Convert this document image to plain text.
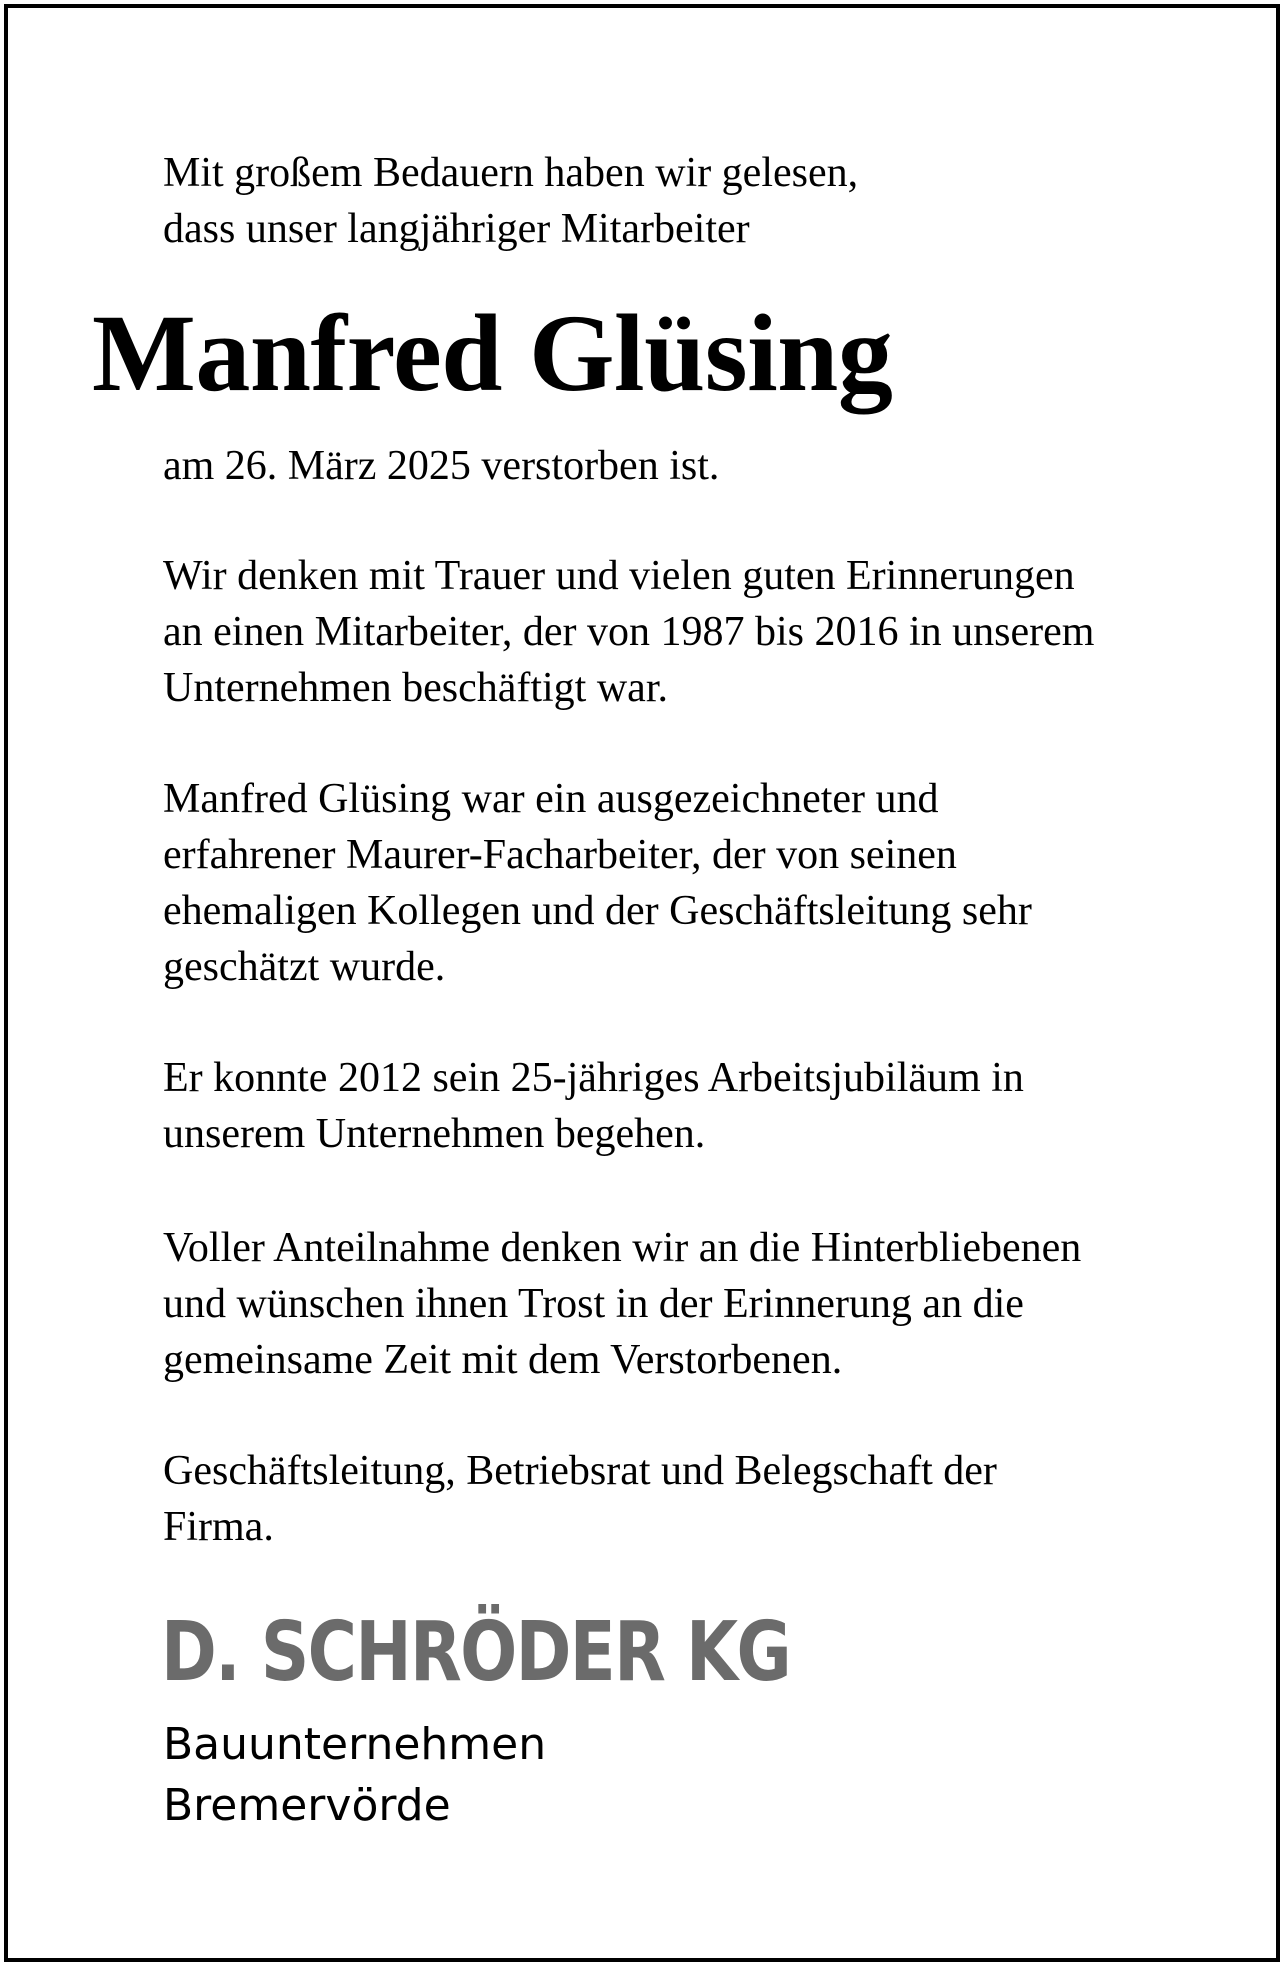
Mit großem Bedauern haben wir gelesen,
dass unser langjähriger Mitarbeiter

Manfred Glüsing

am 26. März 2025 verstorben ist.

Wir denken mit Trauer und vielen guten Erinnerungen
an einen Mitarbeiter, der von 1987 bis 2016 in unserem
Unternehmen beschäftigt war.

Manfred Glüsing war ein ausgezeichneter und
erfahrener Maurer-Facharbeiter, der von seinen
ehemaligen Kollegen und der Geschäftsleitung sehr
geschätzt wurde.

Er konnte 2012 sein 25-jähriges Arbeitsjubiläum in
unserem Unternehmen begehen.

Voller Anteilnahme denken wir an die Hinterbliebenen
und wünschen ihnen Trost in der Erinnerung an die
gemeinsame Zeit mit dem Verstorbenen.

Geschäftsleitung, Betriebsrat und Belegschaft der
Firma.

D. SCHRÖDER KG

Bauunternehmen

Bremervörde
